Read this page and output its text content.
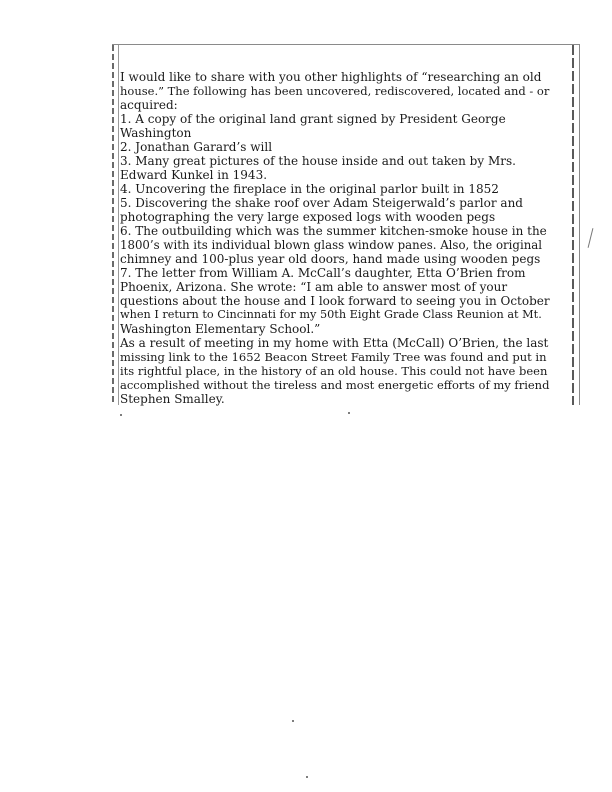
I would like to share with you other highlights of “researching an old
house.” The following has been uncovered, rediscovered, located and - or
acquired:
1. A copy of the original land grant signed by President George
Washington
2. Jonathan Garard’s will
3. Many great pictures of the house inside and out taken by Mrs.
Edward Kunkel in 1943.
4. Uncovering the fireplace in the original parlor built in 1852
5. Discovering the shake roof over Adam Steigerwald’s parlor and
photographing the very large exposed logs with wooden pegs
6. The outbuilding which was the summer kitchen-smoke house in the
1800’s with its individual blown glass window panes. Also, the original
chimney and 100-plus year old doors, hand made using wooden pegs
7. The letter from William A. McCall’s daughter, Etta O’Brien from
Phoenix, Arizona. She wrote: “I am able to answer most of your
questions about the house and I look forward to seeing you in October
when I return to Cincinnati for my 50th Eight Grade Class Reunion at Mt.
Washington Elementary School.”
As a result of meeting in my home with Etta (McCall) O’Brien, the last
missing link to the 1652 Beacon Street Family Tree was found and put in
its rightful place, in the history of an old house. This could not have been
accomplished without the tireless and most energetic efforts of my friend
Stephen Smalley.
